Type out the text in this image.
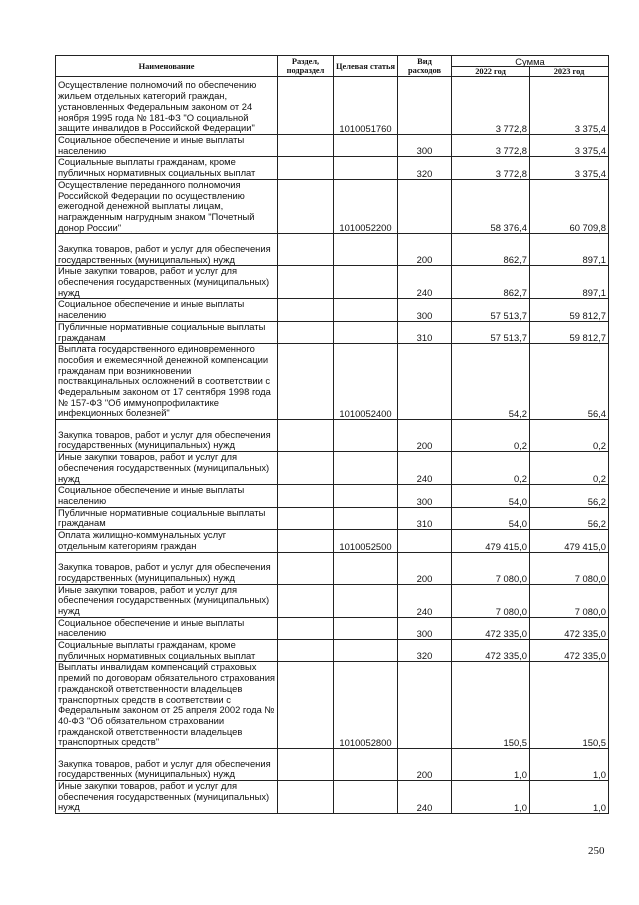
Наименование	Раздел, подраздел	Целевая статья	Вид расходов	Сумма	
				2022 год	2023 год
Осуществление полномочий по обеспечению жильем отдельных категорий граждан, установленных Федеральным законом от 24 ноября 1995 года № 181-ФЗ "О социальной защите инвалидов в Российской Федерации"		1010051760		3 772,8	3 375,4
Социальное обеспечение и иные выплаты населению			300	3 772,8	3 375,4
Социальные выплаты гражданам, кроме публичных нормативных социальных выплат			320	3 772,8	3 375,4
Осуществление переданного полномочия Российской Федерации по осуществлению ежегодной денежной выплаты лицам, награжденным нагрудным знаком "Почетный донор России"		1010052200		58 376,4	60 709,8
Закупка товаров, работ и услуг для обеспечения государственных (муниципальных) нужд			200	862,7	897,1
Иные закупки товаров, работ и услуг для обеспечения государственных (муниципальных) нужд			240	862,7	897,1
Социальное обеспечение и иные выплаты населению			300	57 513,7	59 812,7
Публичные нормативные социальные выплаты гражданам			310	57 513,7	59 812,7
Выплата государственного единовременного пособия и ежемесячной денежной компенсации гражданам при возникновении поствакцинальных осложнений в соответствии с Федеральным законом от 17 сентября 1998 года № 157-ФЗ "Об иммунопрофилактике инфекционных болезней"		1010052400		54,2	56,4
Закупка товаров, работ и услуг для обеспечения государственных (муниципальных) нужд			200	0,2	0,2
Иные закупки товаров, работ и услуг для обеспечения государственных (муниципальных) нужд			240	0,2	0,2
Социальное обеспечение и иные выплаты населению			300	54,0	56,2
Публичные нормативные социальные выплаты гражданам			310	54,0	56,2
Оплата жилищно-коммунальных услуг отдельным категориям граждан		1010052500		479 415,0	479 415,0
Закупка товаров, работ и услуг для обеспечения государственных (муниципальных) нужд			200	7 080,0	7 080,0
Иные закупки товаров, работ и услуг для обеспечения государственных (муниципальных) нужд			240	7 080,0	7 080,0
Социальное обеспечение и иные выплаты населению			300	472 335,0	472 335,0
Социальные выплаты гражданам, кроме публичных нормативных социальных выплат			320	472 335,0	472 335,0
Выплаты инвалидам компенсаций страховых премий по договорам обязательного страхования гражданской ответственности владельцев транспортных средств в соответствии с Федеральным законом от 25 апреля 2002 года № 40-ФЗ "Об обязательном страховании гражданской ответственности владельцев транспортных средств"		1010052800		150,5	150,5
Закупка товаров, работ и услуг для обеспечения государственных (муниципальных) нужд			200	1,0	1,0
Иные закупки товаров, работ и услуг для обеспечения государственных (муниципальных) нужд			240	1,0	1,0
250
